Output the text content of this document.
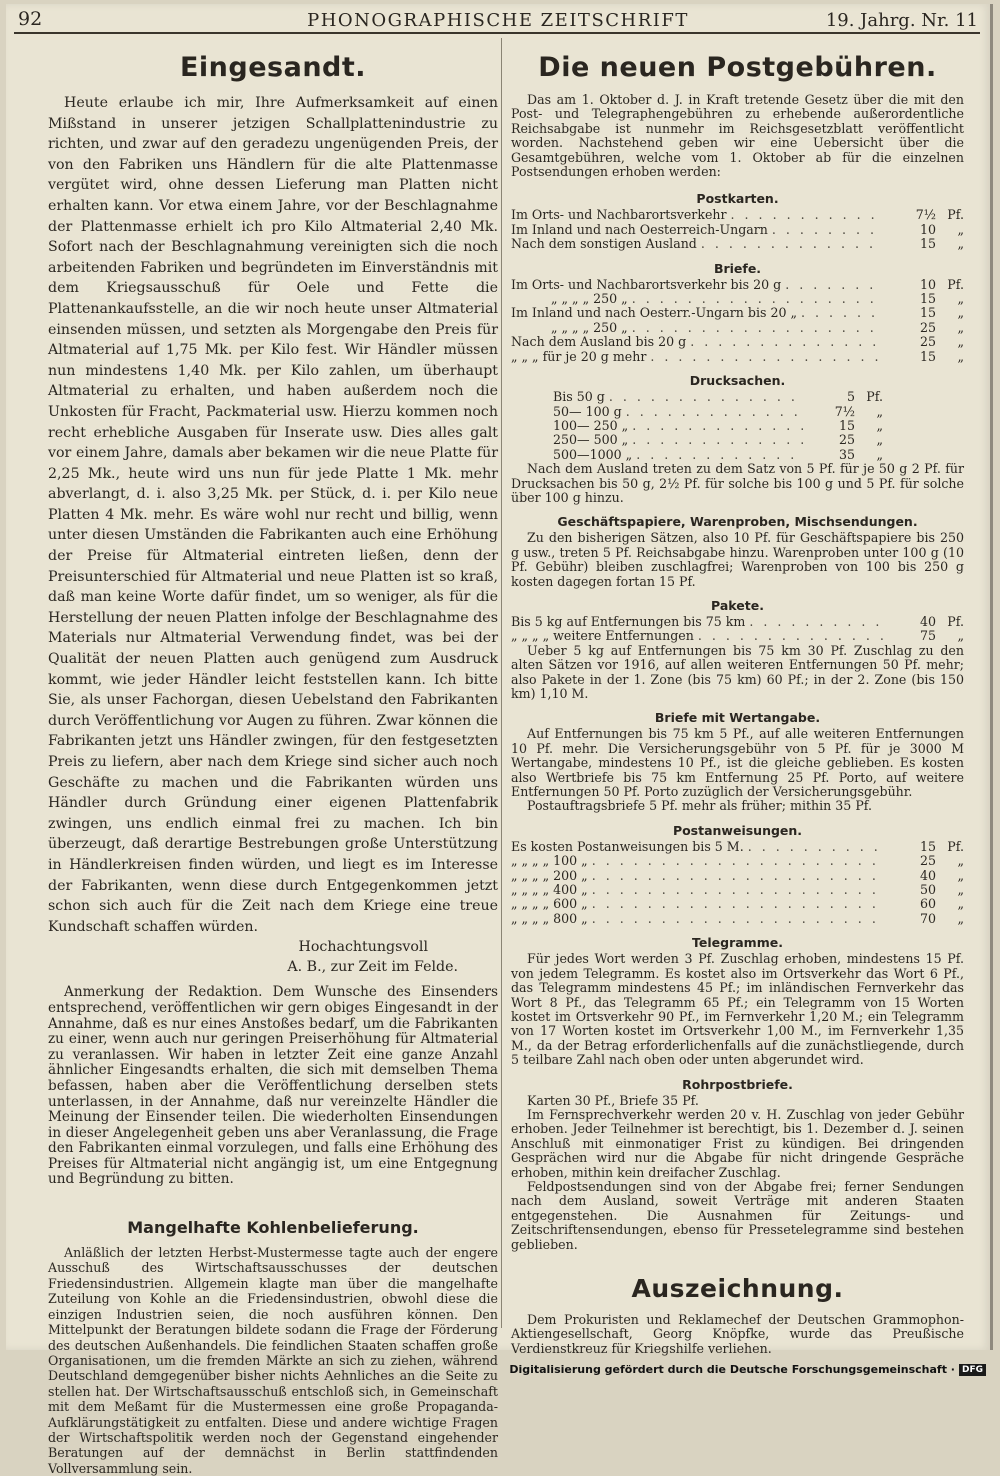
92	PHONOGRAPHISCHE ZEITSCHRIFT	19. Jahrg. Nr. 11
Eingesandt.

Heute erlaube ich mir, Ihre Aufmerksamkeit auf einen Mißstand in unserer jetzigen Schallplattenindustrie zu richten, und zwar auf den geradezu ungenügenden Preis, der von den Fabriken uns Händlern für die alte Plattenmasse vergütet wird, ohne dessen Lieferung man Platten nicht erhalten kann. Vor etwa einem Jahre, vor der Beschlagnahme der Plattenmasse erhielt ich pro Kilo Altmaterial 2,40 Mk. Sofort nach der Beschlagnahmung vereinigten sich die noch arbeitenden Fabriken und begründeten im Einverständnis mit dem Kriegsausschuß für Oele und Fette die Plattenankaufsstelle, an die wir noch heute unser Altmaterial einsenden müssen, und setzten als Morgengabe den Preis für Altmaterial auf 1,75 Mk. per Kilo fest. Wir Händler müssen nun mindestens 1,40 Mk. per Kilo zahlen, um überhaupt Altmaterial zu erhalten, und haben außerdem noch die Unkosten für Fracht, Packmaterial usw. Hierzu kommen noch recht erhebliche Ausgaben für Inserate usw. Dies alles galt vor einem Jahre, damals aber bekamen wir die neue Platte für 2,25 Mk., heute wird uns nun für jede Platte 1 Mk. mehr abverlangt, d. i. also 3,25 Mk. per Stück, d. i. per Kilo neue Platten 4 Mk. mehr. Es wäre wohl nur recht und billig, wenn unter diesen Umständen die Fabrikanten auch eine Erhöhung der Preise für Altmaterial eintreten ließen, denn der Preisunterschied für Altmaterial und neue Platten ist so kraß, daß man keine Worte dafür findet, um so weniger, als für die Herstellung der neuen Platten infolge der Beschlagnahme des Materials nur Altmaterial Verwendung findet, was bei der Qualität der neuen Platten auch genügend zum Ausdruck kommt, wie jeder Händler leicht feststellen kann. Ich bitte Sie, als unser Fachorgan, diesen Uebelstand den Fabrikanten durch Veröffentlichung vor Augen zu führen. Zwar können die Fabrikanten jetzt uns Händler zwingen, für den festgesetzten Preis zu liefern, aber nach dem Kriege sind sicher auch noch Geschäfte zu machen und die Fabrikanten würden uns Händler durch Gründung einer eigenen Plattenfabrik zwingen, uns endlich einmal frei zu machen. Ich bin überzeugt, daß derartige Bestrebungen große Unterstützung in Händlerkreisen finden würden, und liegt es im Interesse der Fabrikanten, wenn diese durch Entgegenkommen jetzt schon sich auch für die Zeit nach dem Kriege eine treue Kundschaft schaffen würden.

Hochachtungsvoll
A. B., zur Zeit im Felde.

Anmerkung der Redaktion. Dem Wunsche des Einsenders entsprechend, veröffentlichen wir gern obiges Eingesandt in der Annahme, daß es nur eines Anstoßes bedarf, um die Fabrikanten zu einer, wenn auch nur geringen Preiserhöhung für Altmaterial zu veranlassen. Wir haben in letzter Zeit eine ganze Anzahl ähnlicher Eingesandts erhalten, die sich mit demselben Thema befassen, haben aber die Veröffentlichung derselben stets unterlassen, in der Annahme, daß nur vereinzelte Händler die Meinung der Einsender teilen. Die wiederholten Einsendungen in dieser Angelegenheit geben uns aber Veranlassung, die Frage den Fabrikanten einmal vorzulegen, und falls eine Erhöhung des Preises für Altmaterial nicht angängig ist, um eine Entgegnung und Begründung zu bitten.

Mangelhafte Kohlenbelieferung.

Anläßlich der letzten Herbst-Mustermesse tagte auch der engere Ausschuß des Wirtschaftsausschusses der deutschen Friedensindustrien. Allgemein klagte man über die mangelhafte Zuteilung von Kohle an die Friedensindustrien, obwohl diese die einzigen Industrien seien, die noch ausführen können. Den Mittelpunkt der Beratungen bildete sodann die Frage der Förderung des deutschen Außenhandels. Die feindlichen Staaten schaffen große Organisationen, um die fremden Märkte an sich zu ziehen, während Deutschland demgegenüber bisher nichts Aehnliches an die Seite zu stellen hat. Der Wirtschaftsausschuß entschloß sich, in Gemeinschaft mit dem Meßamt für die Mustermessen eine große Propaganda-Aufklärungstätigkeit zu entfalten. Diese und andere wichtige Fragen der Wirtschaftspolitik werden noch der Gegenstand eingehender Beratungen auf der demnächst in Berlin stattfindenden Vollversammlung sein.

Die neuen Postgebühren.

Das am 1. Oktober d. J. in Kraft tretende Gesetz über die mit den Post- und Telegraphengebühren zu erhebende außerordentliche Reichsabgabe ist nunmehr im Reichsgesetzblatt veröffentlicht worden. Nachstehend geben wir eine Uebersicht über die Gesamtgebühren, welche vom 1. Oktober ab für die einzelnen Postsendungen erhoben werden:

Postkarten.
Im Orts- und Nachbarortsverkehr . . .	7½ Pf.
Im Inland und nach Oesterreich-Ungarn . . .	10	„
Nach dem sonstigen Ausland . . .	15	„
Briefe.
Im Orts- und Nachbarortsverkehr bis 20 g . . .	10 Pf.
„ „ „ „ 250 „ . . .	15	„
Im Inland und nach Oesterr.-Ungarn bis 20 „ . . .	15	„
„ „ „ „ 250 „ . . .	25	„
Nach dem Ausland bis 20 g . . .	25	„
„ „ „ für je 20 g mehr . . .	15	„
Drucksachen.
Bis 50 g . . .	5 Pf.
50— 100 g . . .	7½	„
100— 250 „ . . .	15	„
250— 500 „ . . .	25	„
500—1000 „ . . .	35	„

Nach dem Ausland treten zu dem Satz von 5 Pf. für je 50 g 2 Pf. für Drucksachen bis 50 g, 2½ Pf. für solche bis 100 g und 5 Pf. für solche über 100 g hinzu.

Geschäftspapiere, Warenproben, Mischsendungen.

Zu den bisherigen Sätzen, also 10 Pf. für Geschäftspapiere bis 250 g usw., treten 5 Pf. Reichsabgabe hinzu. Warenproben unter 100 g (10 Pf. Gebühr) bleiben zuschlagfrei; Warenproben von 100 bis 250 g kosten dagegen fortan 15 Pf.

Pakete.
Bis 5 kg auf Entfernungen bis 75 km . . .	40 Pf.
„ „ „ „ weitere Entfernungen . . .	75	„

Ueber 5 kg auf Entfernungen bis 75 km 30 Pf. Zuschlag zu den alten Sätzen vor 1916, auf allen weiteren Entfernungen 50 Pf. mehr; also Pakete in der 1. Zone (bis 75 km) 60 Pf.; in der 2. Zone (bis 150 km) 1,10 M.

Briefe mit Wertangabe.

Auf Entfernungen bis 75 km 5 Pf., auf alle weiteren Entfernungen 10 Pf. mehr. Die Versicherungsgebühr von 5 Pf. für je 3000 M Wertangabe, mindestens 10 Pf., ist die gleiche geblieben. Es kosten also Wertbriefe bis 75 km Entfernung 25 Pf. Porto, auf weitere Entfernungen 50 Pf. Porto zuzüglich der Versicherungsgebühr.

Postauftragsbriefe 5 Pf. mehr als früher; mithin 35 Pf.

Postanweisungen.
Es kosten Postanweisungen bis 5 M. . . .	15 Pf.
„ „ „ „ 100 „ . . .	25	„
„ „ „ „ 200 „ . . .	40	„
„ „ „ „ 400 „ . . .	50	„
„ „ „ „ 600 „ . . .	60	„
„ „ „ „ 800 „ . . .	70	„
Telegramme.

Für jedes Wort werden 3 Pf. Zuschlag erhoben, mindestens 15 Pf. von jedem Telegramm. Es kostet also im Ortsverkehr das Wort 6 Pf., das Telegramm mindestens 45 Pf.; im inländischen Fernverkehr das Wort 8 Pf., das Telegramm 65 Pf.; ein Telegramm von 15 Worten kostet im Ortsverkehr 90 Pf., im Fernverkehr 1,20 M.; ein Telegramm von 17 Worten kostet im Ortsverkehr 1,00 M., im Fernverkehr 1,35 M., da der Betrag erforderlichenfalls auf die zunächstliegende, durch 5 teilbare Zahl nach oben oder unten abgerundet wird.

Rohrpostbriefe.

Karten 30 Pf., Briefe 35 Pf.

Im Fernsprechverkehr werden 20 v. H. Zuschlag von jeder Gebühr erhoben. Jeder Teilnehmer ist berechtigt, bis 1. Dezember d. J. seinen Anschluß mit einmonatiger Frist zu kündigen. Bei dringenden Gesprächen wird nur die Abgabe für nicht dringende Gespräche erhoben, mithin kein dreifacher Zuschlag.

Feldpostsendungen sind von der Abgabe frei; ferner Sendungen nach dem Ausland, soweit Verträge mit anderen Staaten entgegenstehen. Die Ausnahmen für Zeitungs- und Zeitschriftensendungen, ebenso für Pressetelegramme sind bestehen geblieben.

Auszeichnung.

Dem Prokuristen und Reklamechef der Deutschen Grammophon-Aktiengesellschaft, Georg Knöpfke, wurde das Preußische Verdienstkreuz für Kriegshilfe verliehen.

Digitalisierung gefördert durch die Deutsche Forschungsgemeinschaft · DFG
